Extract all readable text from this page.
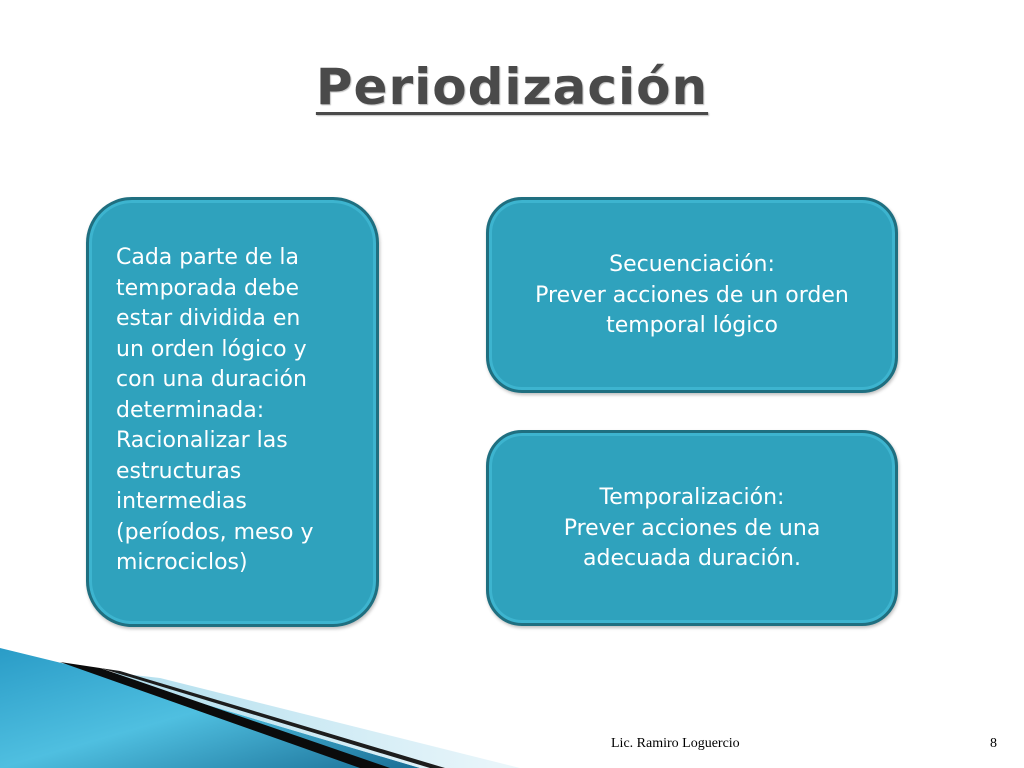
Periodización
Cada parte de la
temporada debe
estar dividida en
un orden lógico y
con una duración
determinada:
Racionalizar las
estructuras
intermedias
(períodos, meso y
microciclos)
Secuenciación:
Prever acciones de un orden
temporal lógico
Temporalización:
Prever acciones de una
adecuada duración.
Lic. Ramiro Loguercio	8
